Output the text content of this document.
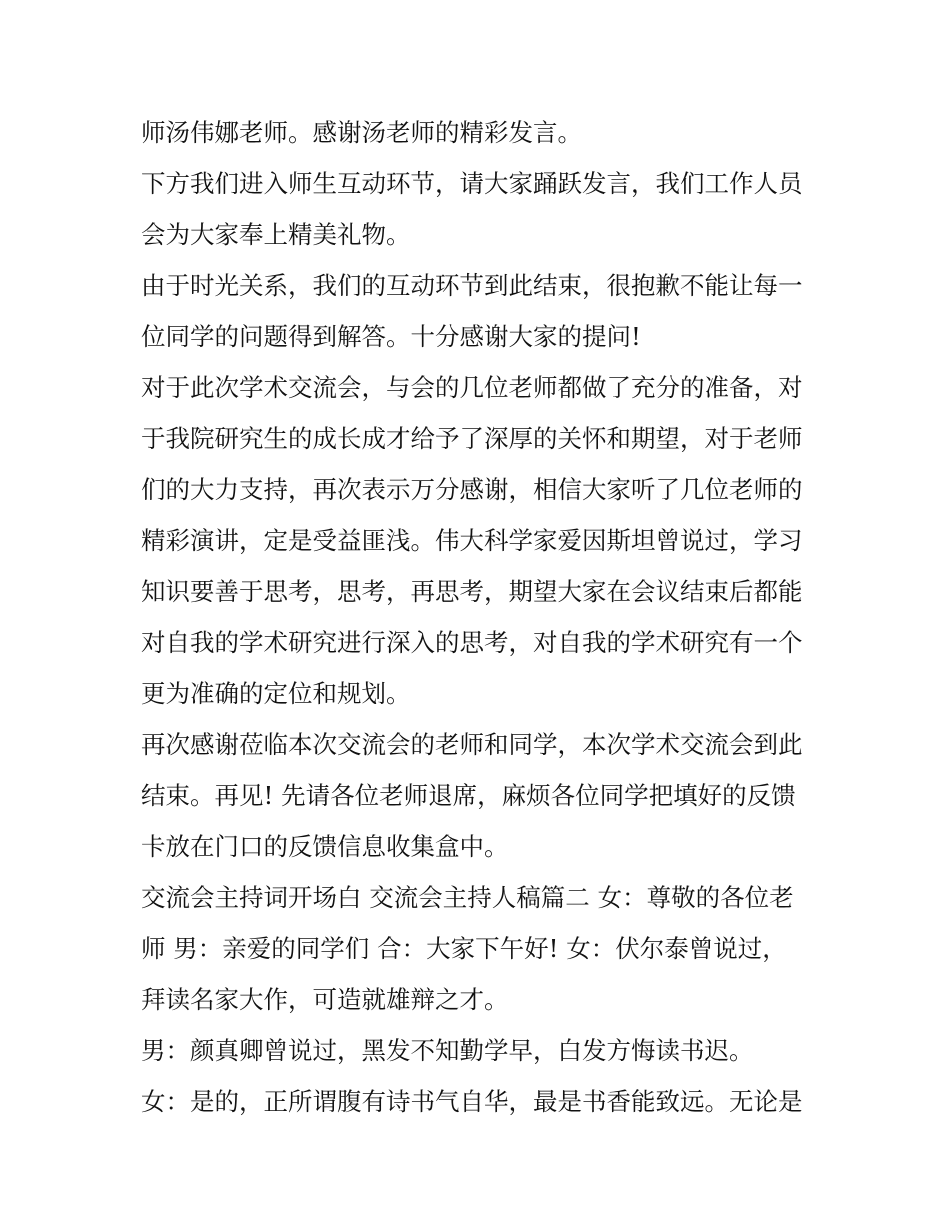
师汤伟娜老师。感谢汤老师的精彩发言。
下方我们进入师生互动环节，请大家踊跃发言，我们工作人员
会为大家奉上精美礼物。
由于时光关系，我们的互动环节到此结束，很抱歉不能让每一
位同学的问题得到解答。十分感谢大家的提问!
对于此次学术交流会，与会的几位老师都做了充分的准备，对
于我院研究生的成长成才给予了深厚的关怀和期望，对于老师
们的大力支持，再次表示万分感谢，相信大家听了几位老师的
精彩演讲，定是受益匪浅。伟大科学家爱因斯坦曾说过，学习
知识要善于思考，思考，再思考，期望大家在会议结束后都能
对自我的学术研究进行深入的思考，对自我的学术研究有一个
更为准确的定位和规划。
再次感谢莅临本次交流会的老师和同学，本次学术交流会到此
结束。再见! 先请各位老师退席，麻烦各位同学把填好的反馈
卡放在门口的反馈信息收集盒中。
交流会主持词开场白 交流会主持人稿篇二 女：尊敬的各位老
师 男：亲爱的同学们 合：大家下午好! 女：伏尔泰曾说过，
拜读名家大作，可造就雄辩之才。
男：颜真卿曾说过，黑发不知勤学早，白发方悔读书迟。
女：是的，正所谓腹有诗书气自华，最是书香能致远。无论是
